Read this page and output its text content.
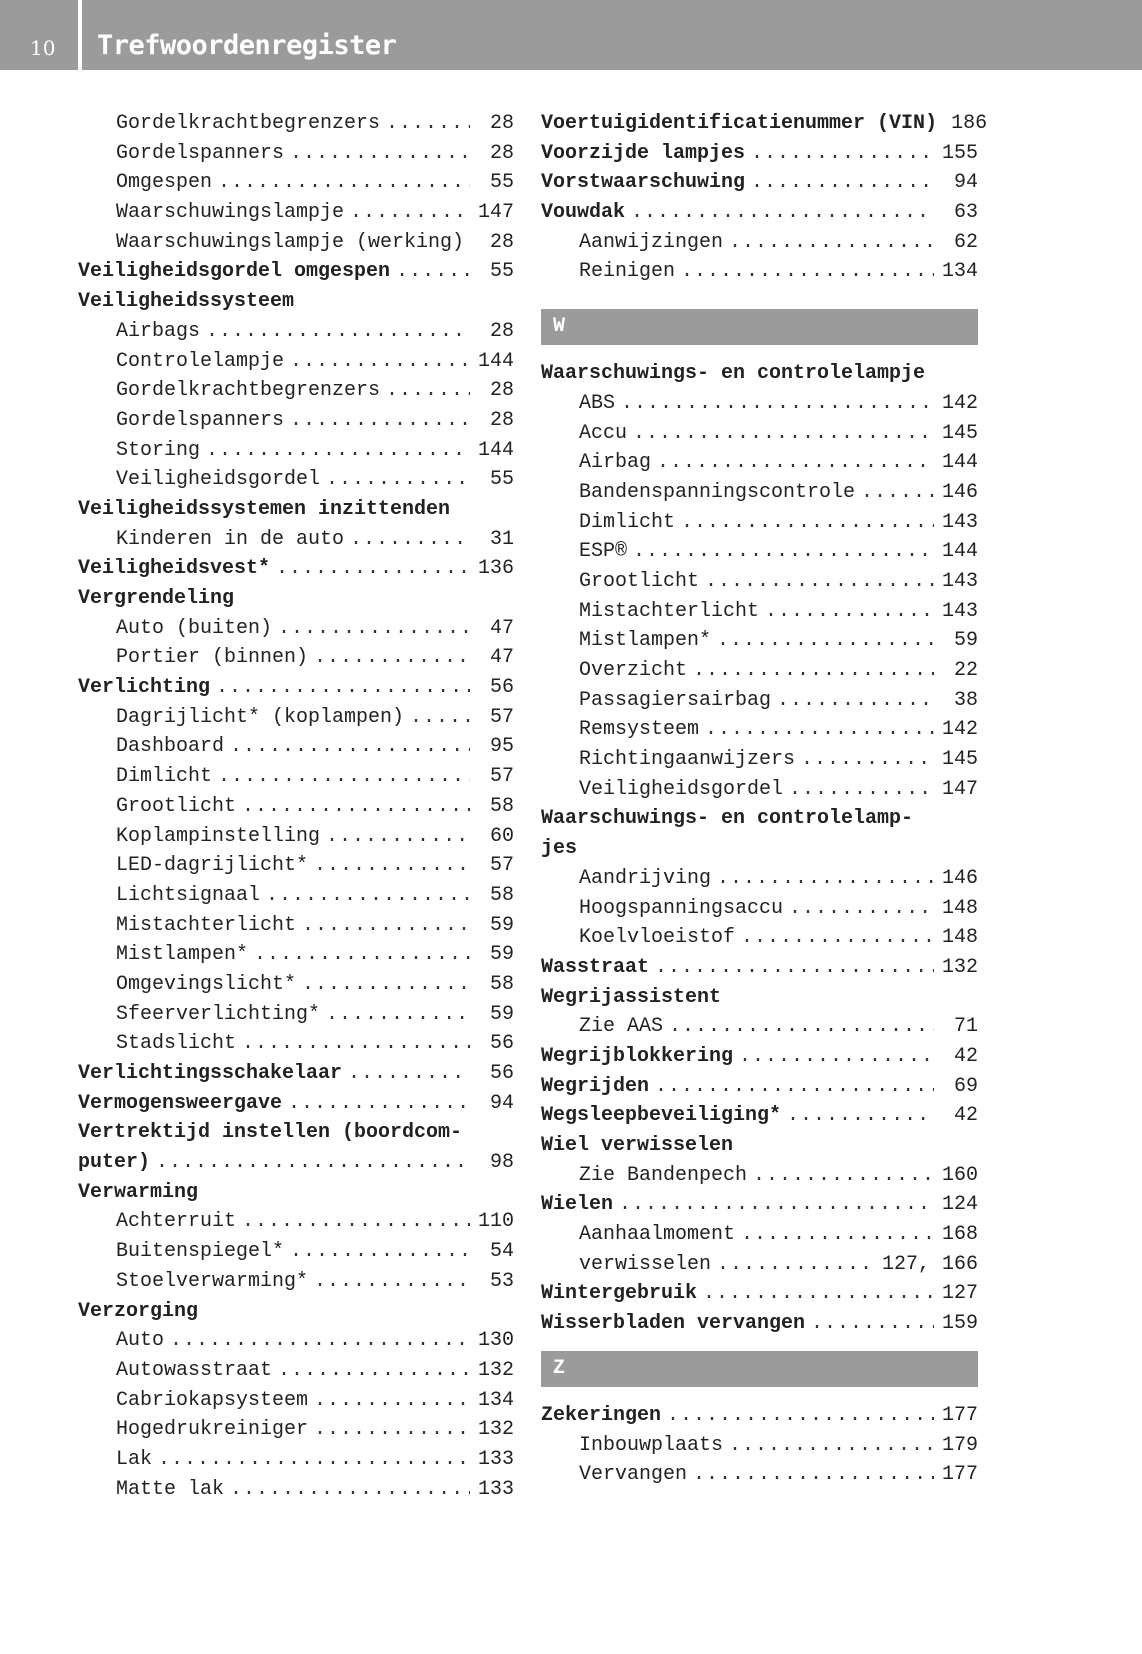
10 Trefwoordenregister
Gordelkrachtbegrenzers .....	28
Gordelspanners .....	28
Omgespen .....	55
Waarschuwingslampje .....	147
Waarschuwingslampje (werking)	28
Veiligheidsgordel omgespen .....	55
Veiligheidssysteem
Airbags .....	28
Controlelampje .....	144
Gordelkrachtbegrenzers .....	28
Gordelspanners .....	28
Storing .....	144
Veiligheidsgordel .....	55
Veiligheidssystemen inzittenden
Kinderen in de auto .....	31
Veiligheidsvest* .....	136
Vergrendeling
Auto (buiten) .....	47
Portier (binnen) .....	47
Verlichting .....	56
Dagrijlicht* (koplampen) .....	57
Dashboard .....	95
Dimlicht .....	57
Grootlicht .....	58
Koplampinstelling .....	60
LED-dagrijlicht* .....	57
Lichtsignaal .....	58
Mistachterlicht .....	59
Mistlampen* .....	59
Omgevingslicht* .....	58
Sfeerverlichting* .....	59
Stadslicht .....	56
Verlichtingsschakelaar .....	56
Vermogensweergave .....	94
Vertrektijd instellen (boordcom-
puter) .....	98
Verwarming
Achterruit .....	110
Buitenspiegel* .....	54
Stoelverwarming* .....	53
Verzorging
Auto .....	130
Autowasstraat .....	132
Cabriokapsysteem .....	134
Hogedrukreiniger .....	132
Lak .....	133
Matte lak .....	133
Voertuigidentificatienummer (VIN) 186
Voorzijde lampjes .....	155
Vorstwaarschuwing .....	94
Vouwdak .....	63
Aanwijzingen .....	62
Reinigen .....	134
W
Waarschuwings- en controlelampje
ABS .....	142
Accu .....	145
Airbag .....	144
Bandenspanningscontrole .....	146
Dimlicht .....	143
ESP® .....	144
Grootlicht .....	143
Mistachterlicht .....	143
Mistlampen* .....	59
Overzicht .....	22
Passagiersairbag .....	38
Remsysteem .....	142
Richtingaanwijzers .....	145
Veiligheidsgordel .....	147
Waarschuwings- en controlelamp-
jes
Aandrijving .....	146
Hoogspanningsaccu .....	148
Koelvloeistof .....	148
Wasstraat .....	132
Wegrijassistent
Zie AAS .....	71
Wegrijblokkering .....	42
Wegrijden .....	69
Wegsleepbeveiliging* .....	42
Wiel verwisselen
Zie Bandenpech .....	160
Wielen .....	124
Aanhaalmoment .....	168
verwisselen .....	127, 166
Wintergebruik .....	127
Wisserbladen vervangen .....	159
Z
Zekeringen .....	177
Inbouwplaats .....	179
Vervangen .....	177
